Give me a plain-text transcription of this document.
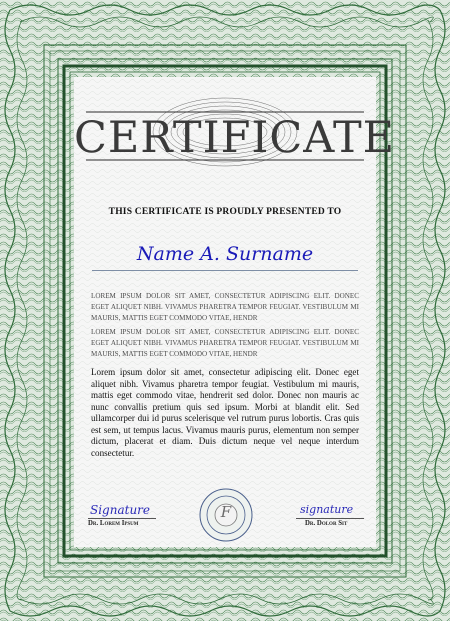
CERTIFICATE
THIS CERTIFICATE IS PROUDLY PRESENTED TO
Name A. Surname

LOREM IPSUM DOLOR SIT AMET, CONSECTETUR ADIPISCING ELIT. DONEC EGET ALIQUET NIBH. VIVAMUS PHARETRA TEMPOR FEUGIAT. VESTIBULUM MI MAURIS, MATTIS EGET COMMODO VITAE, HENDR

LOREM IPSUM DOLOR SIT AMET, CONSECTETUR ADIPISCING ELIT. DONEC EGET ALIQUET NIBH. VIVAMUS PHARETRA TEMPOR FEUGIAT. VESTIBULUM MI MAURIS, MATTIS EGET COMMODO VITAE, HENDR

Lorem ipsum dolor sit amet, consectetur adipiscing elit. Donec eget aliquet nibh. Vivamus pharetra tempor feugiat. Vestibulum mi mauris, mattis eget commodo vitae, hendrerit sed dolor. Donec non mauris ac nunc convallis pretium quis sed ipsum. Morbi at blandit elit. Sed ullamcorper dui id purus scelerisque vel rutrum purus lobortis. Cras quis est sem, ut tempus lacus. Vivamus mauris purus, elementum non semper dictum, placerat et diam. Duis dictum neque vel neque interdum consectetur.

Signature
Dr. Lorem Ipsum
signature
Dr. Dolor Sit
F
